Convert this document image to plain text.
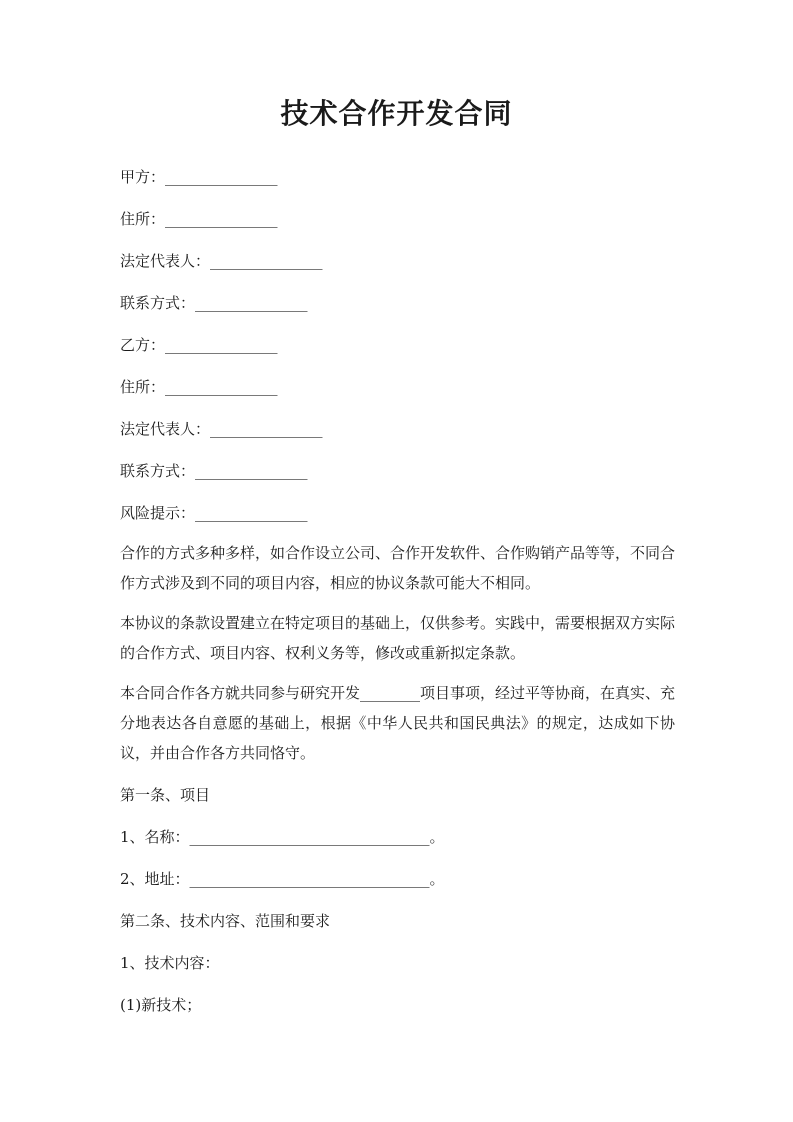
技术合作开发合同
甲方：_______________
住所：_______________
法定代表人：_______________
联系方式：_______________
乙方：_______________
住所：_______________
法定代表人：_______________
联系方式：_______________
风险提示：_______________
合作的方式多种多样，如合作设立公司、合作开发软件、合作购销产品等等，不同合作方式涉及到不同的项目内容，相应的协议条款可能大不相同。
本协议的条款设置建立在特定项目的基础上，仅供参考。实践中，需要根据双方实际的合作方式、项目内容、权利义务等，修改或重新拟定条款。
本合同合作各方就共同参与研究开发________项目事项，经过平等协商，在真实、充分地表达各自意愿的基础上，根据《中华人民共和国民典法》的规定，达成如下协议，并由合作各方共同恪守。
第一条、项目
1、名称：________________________________。
2、地址：________________________________。
第二条、技术内容、范围和要求
1、技术内容：
(1)新技术；
